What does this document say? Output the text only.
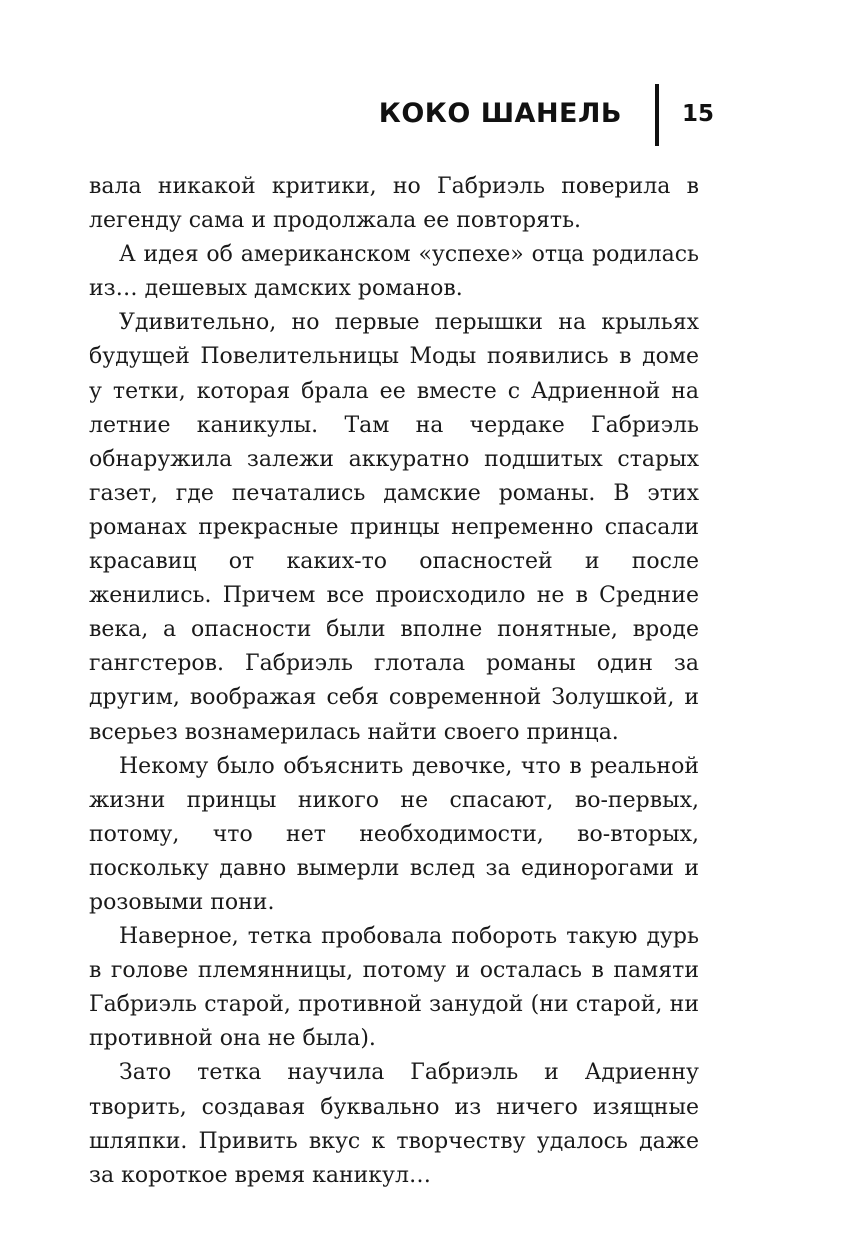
КОКО ШАНЕЛЬ	15

вала никакой критики, но Габриэль поверила в легенду сама и продолжала ее повторять.

А идея об американском «успехе» отца родилась из… дешевых дамских романов.

Удивительно, но первые перышки на крыльях будущей Повелительницы Моды появились в доме у тетки, которая брала ее вместе с Адриенной на летние каникулы. Там на чердаке Габриэль обнаружила залежи аккуратно подшитых старых газет, где печатались дамские романы. В этих романах прекрасные принцы непременно спасали красавиц от каких-то опасностей и после женились. Причем все происходило не в Средние века, а опасности были вполне понятные, вроде гангстеров. Габриэль глотала романы один за другим, воображая себя современной Золушкой, и всерьез вознамерилась найти своего принца.

Некому было объяснить девочке, что в реальной жизни принцы никого не спасают, во-первых, потому, что нет необходимости, во-вторых, поскольку давно вымерли вслед за единорогами и розовыми пони.

Наверное, тетка пробовала побороть такую дурь в голове племянницы, потому и осталась в памяти Габриэль старой, противной занудой (ни старой, ни противной она не была).

Зато тетка научила Габриэль и Адриенну творить, создавая буквально из ничего изящные шляпки. Привить вкус к творчеству удалось даже за короткое время каникул…
